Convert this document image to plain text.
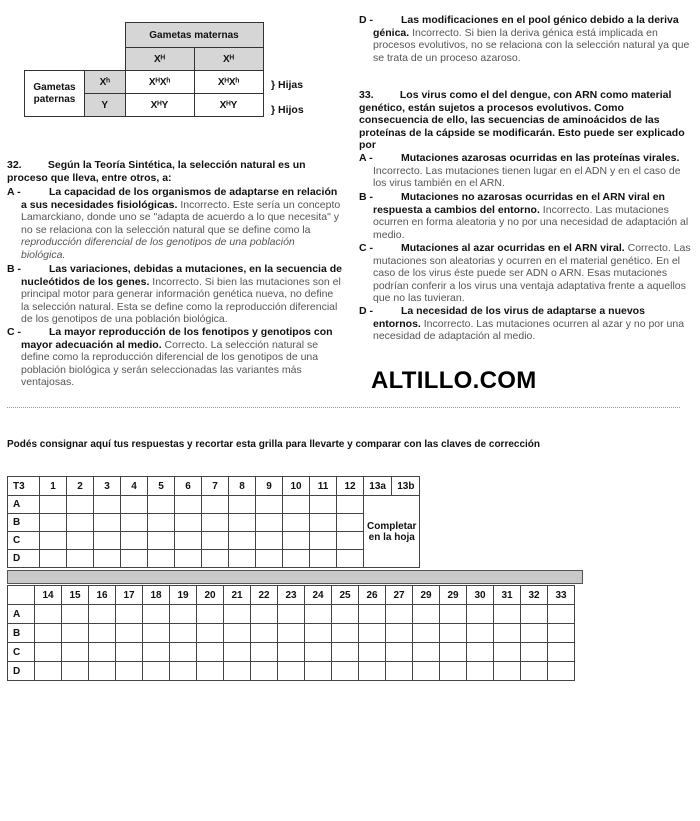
		Gametas maternas	
		Xᴴ	Xᴴ
Gametas paternas	Xʰ	XᴴXʰ	XᴴXʰ
	Y	XᴴY	XᴴY
} Hijas
} Hijos
32.	Según la Teoría Sintética, la selección natural es un proceso que lleva, entre otros, a:
A -	La capacidad de los organismos de adaptarse en relación a sus necesidades fisiológicas. Incorrecto. Este sería un concepto Lamarckiano, donde uno se "adapta de acuerdo a lo que necesita" y no se relaciona con la selección natural que se define como la reproducción diferencial de los genotipos de una población biológica.
B -	Las variaciones, debidas a mutaciones, en la secuencia de nucleótidos de los genes. Incorrecto. Si bien las mutaciones son el principal motor para generar información genética nueva, no define la selección natural. Esta se define como la reproducción diferencial de los genotipos de una población biológica.
C -	La mayor reproducción de los fenotipos y genotipos con mayor adecuación al medio. Correcto. La selección natural se define como la reproducción diferencial de los genotipos de una población biológica y serán seleccionadas las variantes más ventajosas.
D -	Las modificaciones en el pool génico debido a la deriva génica. Incorrecto. Si bien la deriva génica está implicada en procesos evolutivos, no se relaciona con la selección natural ya que se trata de un proceso azaroso.
33.	Los virus como el del dengue, con ARN como material genético, están sujetos a procesos evolutivos. Como consecuencia de ello, las secuencias de aminoácidos de las proteínas de la cápside se modificarán. Esto puede ser explicado por
A -	Mutaciones azarosas ocurridas en las proteínas virales. Incorrecto. Las mutaciones tienen lugar en el ADN y en el caso de los virus también en el ARN.
B -	Mutaciones no azarosas ocurridas en el ARN viral en respuesta a cambios del entorno. Incorrecto. Las mutaciones ocurren en forma aleatoria y no por una necesidad de adaptación al medio.
C -	Mutaciones al azar ocurridas en el ARN viral. Correcto. Las mutaciones son aleatorias y ocurren en el material genético. En el caso de los virus éste puede ser ADN o ARN. Esas mutaciones podrían conferir a los virus una ventaja adaptativa frente a aquellos que no las tuvieran.
D -	La necesidad de los virus de adaptarse a nuevos entornos. Incorrecto. Las mutaciones ocurren al azar y no por una necesidad de adaptación al medio.
ALTILLO.COM
Podés consignar aquí tus respuestas y recortar esta grilla para llevarte y comparar con las claves de corrección
T3	1	2	3	4	5	6	7	8	9	10	11	12	13a	13b
A													Completar en la hoja	
B														
C														
D														
	14	15	16	17	18	19	20	21	22	23	24	25	26	27	29	29	30	31	32	33
A																				
B																				
C																				
D																				
